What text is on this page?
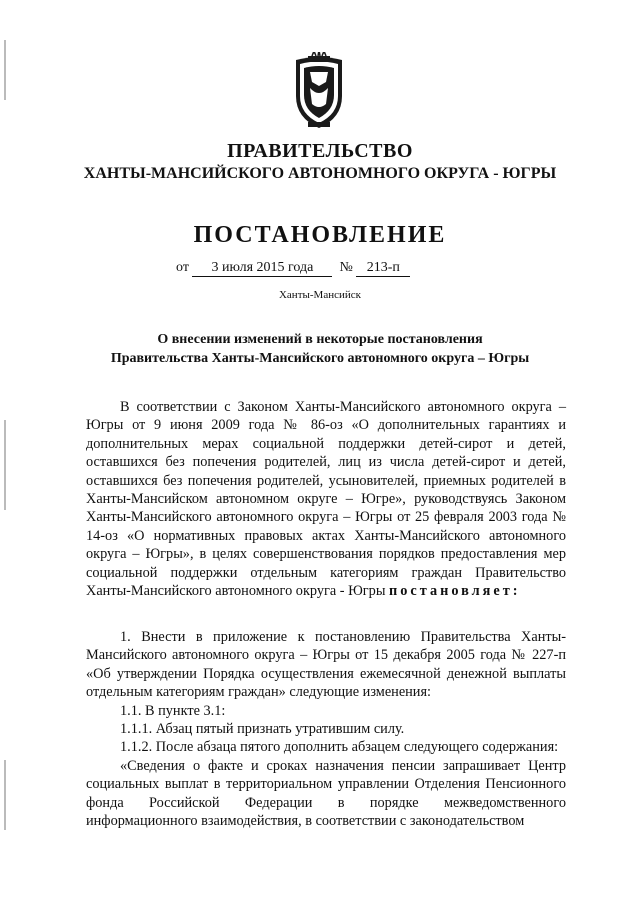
ПРАВИТЕЛЬСТВО
ХАНТЫ-МАНСИЙСКОГО АВТОНОМНОГО ОКРУГА - ЮГРЫ
ПОСТАНОВЛЕНИЕ
от 3 июля 2015 года № 213-п
Ханты-Мансийск
О внесении изменений в некоторые постановления
Правительства Ханты-Мансийского автономного округа – Югры

В соответствии с Законом Ханты-Мансийского автономного округа – Югры от 9 июня 2009 года № 86-оз «О дополнительных гарантиях и дополнительных мерах социальной поддержки детей-сирот и детей, оставшихся без попечения родителей, лиц из числа детей-сирот и детей, оставшихся без попечения родителей, усыновителей, приемных родителей в Ханты-Мансийском автономном округе – Югре», руководствуясь Законом Ханты-Мансийского автономного округа – Югры от 25 февраля 2003 года № 14-оз «О нормативных правовых актах Ханты-Мансийского автономного округа – Югры», в целях совершенствования порядков предоставления мер социальной поддержки отдельным категориям граждан Правительство Ханты-Мансийского автономного округа - Югры постановляет:

1. Внести в приложение к постановлению Правительства Ханты-Мансийского автономного округа – Югры от 15 декабря 2005 года № 227-п «Об утверждении Порядка осуществления ежемесячной денежной выплаты отдельным категориям граждан» следующие изменения:

1.1. В пункте 3.1:

1.1.1. Абзац пятый признать утратившим силу.

1.1.2. После абзаца пятого дополнить абзацем следующего содержания:

«Сведения о факте и сроках назначения пенсии запрашивает Центр социальных выплат в территориальном управлении Отделения Пенсионного фонда Российской Федерации в порядке межведомственного информационного взаимодействия, в соответствии с законодательством
